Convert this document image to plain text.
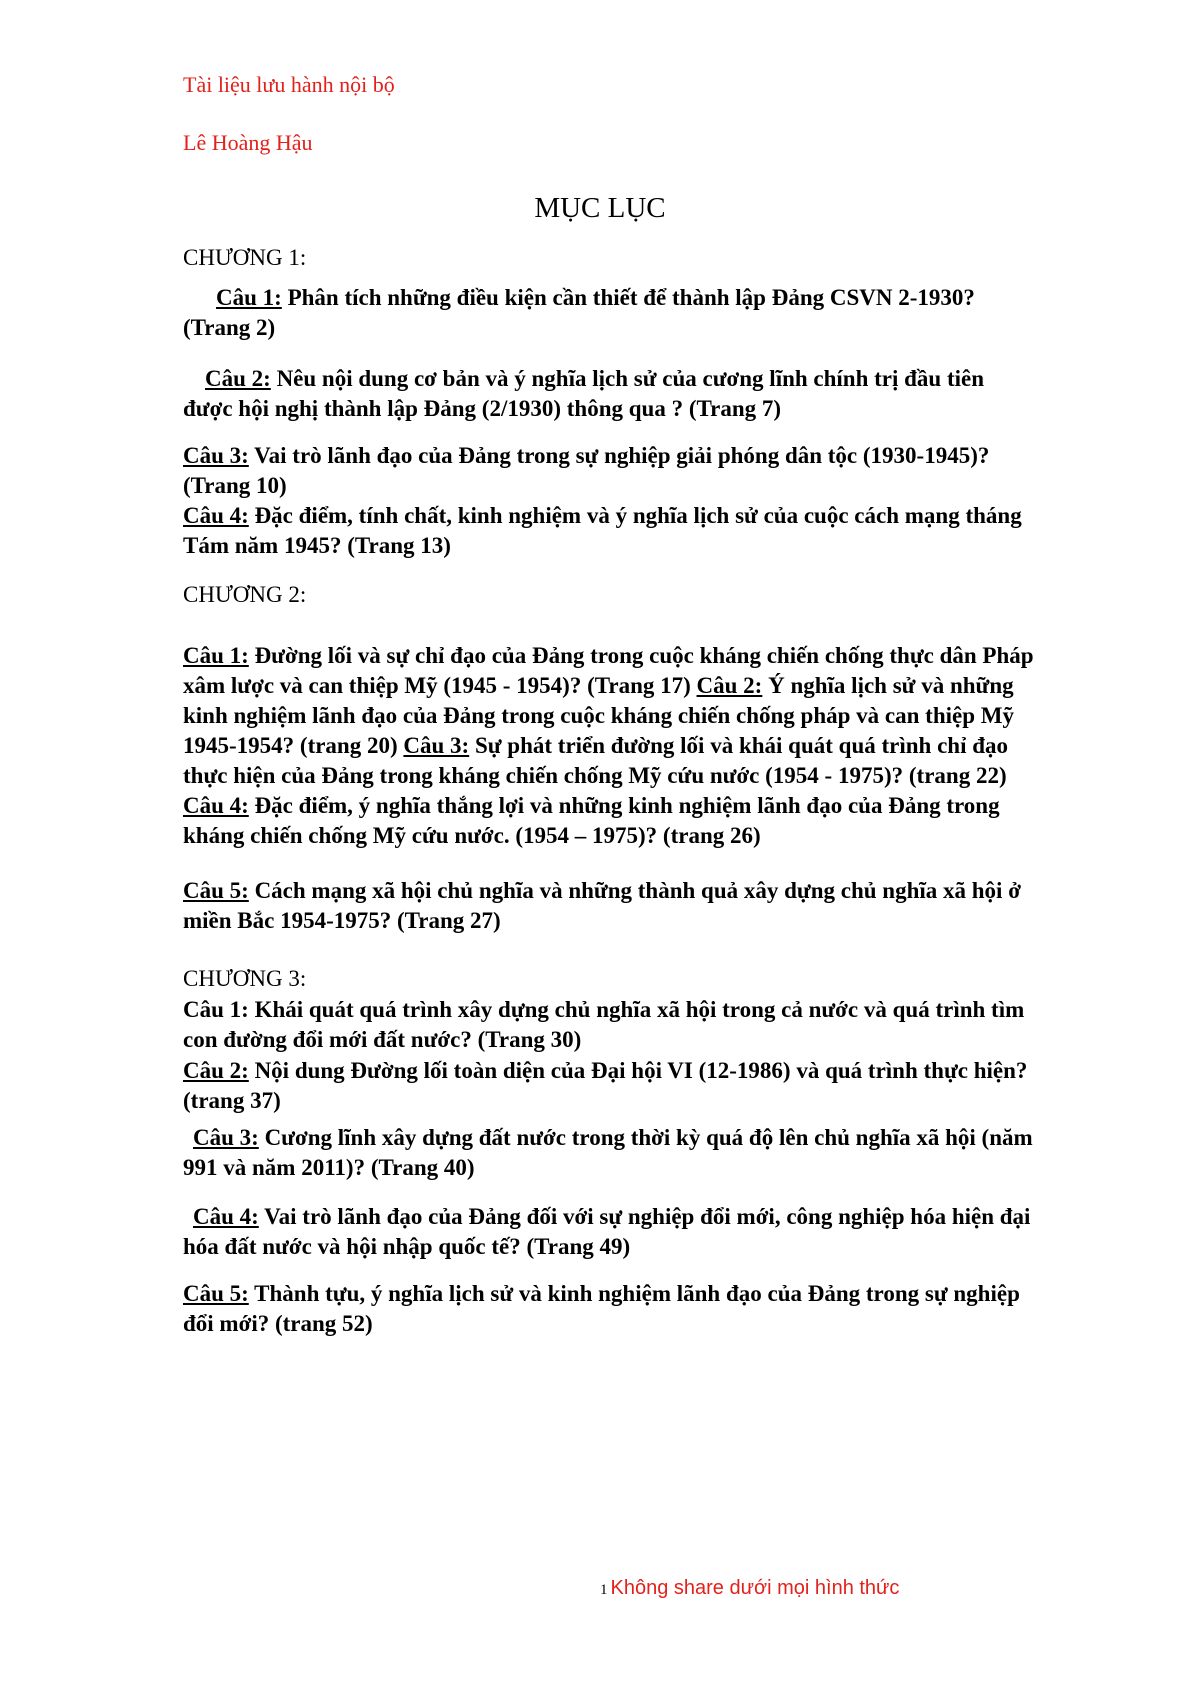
Tài liệu lưu hành nội bộ
Lê Hoàng Hậu
MỤC LỤC
CHƯƠNG 1:
Câu 1: Phân tích những điều kiện cần thiết để thành lập Đảng CSVN 2-1930? (Trang 2)
Câu 2: Nêu nội dung cơ bản và ý nghĩa lịch sử của cương lĩnh chính trị đầu tiên được hội nghị thành lập Đảng (2/1930) thông qua ? (Trang 7)
Câu 3: Vai trò lãnh đạo của Đảng trong sự nghiệp giải phóng dân tộc (1930-1945)? (Trang 10)
Câu 4: Đặc điểm, tính chất, kinh nghiệm và ý nghĩa lịch sử của cuộc cách mạng tháng Tám năm 1945? (Trang 13)
CHƯƠNG 2:
Câu 1: Đường lối và sự chỉ đạo của Đảng trong cuộc kháng chiến chống thực dân Pháp xâm lược và can thiệp Mỹ (1945 - 1954)? (Trang 17) Câu 2: Ý nghĩa lịch sử và những kinh nghiệm lãnh đạo của Đảng trong cuộc kháng chiến chống pháp và can thiệp Mỹ 1945-1954? (trang 20) Câu 3: Sự phát triển đường lối và khái quát quá trình chỉ đạo thực hiện của Đảng trong kháng chiến chống Mỹ cứu nước (1954 - 1975)? (trang 22)
Câu 4: Đặc điểm, ý nghĩa thắng lợi và những kinh nghiệm lãnh đạo của Đảng trong kháng chiến chống Mỹ cứu nước. (1954 – 1975)? (trang 26)
Câu 5: Cách mạng xã hội chủ nghĩa và những thành quả xây dựng chủ nghĩa xã hội ở miền Bắc 1954-1975? (Trang 27)
CHƯƠNG 3:
Câu 1: Khái quát quá trình xây dựng chủ nghĩa xã hội trong cả nước và quá trình tìm con đường đổi mới đất nước? (Trang 30)
Câu 2: Nội dung Đường lối toàn diện của Đại hội VI (12-1986) và quá trình thực hiện? (trang 37)
Câu 3: Cương lĩnh xây dựng đất nước trong thời kỳ quá độ lên chủ nghĩa xã hội (năm 991 và năm 2011)? (Trang 40)
Câu 4: Vai trò lãnh đạo của Đảng đối với sự nghiệp đổi mới, công nghiệp hóa hiện đại hóa đất nước và hội nhập quốc tế? (Trang 49)
Câu 5: Thành tựu, ý nghĩa lịch sử và kinh nghiệm lãnh đạo của Đảng trong sự nghiệp đổi mới? (trang 52)
1 Không share dưới mọi hình thức
